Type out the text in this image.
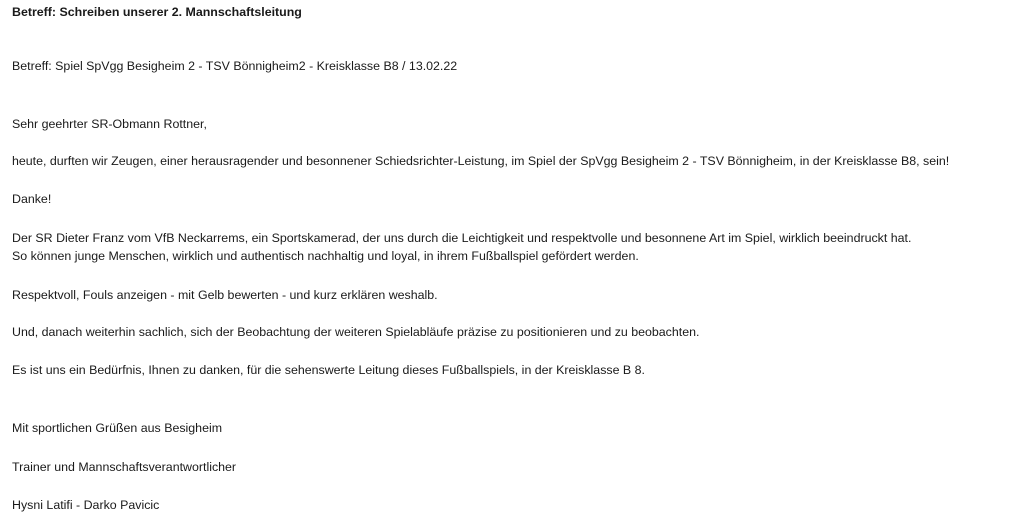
Betreff: Schreiben unserer 2. Mannschaftsleitung
Betreff: Spiel SpVgg Besigheim 2 - TSV Bönnigheim2 - Kreisklasse B8 / 13.02.22
Sehr geehrter SR-Obmann Rottner,
heute, durften wir Zeugen, einer herausragender und besonnener Schiedsrichter-Leistung, im Spiel der SpVgg Besigheim 2 - TSV Bönnigheim, in der Kreisklasse B8, sein!
Danke!
Der SR Dieter Franz vom VfB Neckarrems, ein Sportskamerad, der uns durch die Leichtigkeit und respektvolle und besonnene Art im Spiel, wirklich beeindruckt hat.
So können junge Menschen, wirklich und authentisch nachhaltig und loyal, in ihrem Fußballspiel gefördert werden.
Respektvoll, Fouls anzeigen - mit Gelb bewerten - und kurz erklären weshalb.
Und, danach weiterhin sachlich, sich der Beobachtung der weiteren Spielabläufe präzise zu positionieren und zu beobachten.
Es ist uns ein Bedürfnis, Ihnen zu danken, für die sehenswerte Leitung dieses Fußballspiels, in der Kreisklasse B 8.
Mit sportlichen Grüßen aus Besigheim
Trainer und Mannschaftsverantwortlicher
Hysni Latifi - Darko Pavicic
